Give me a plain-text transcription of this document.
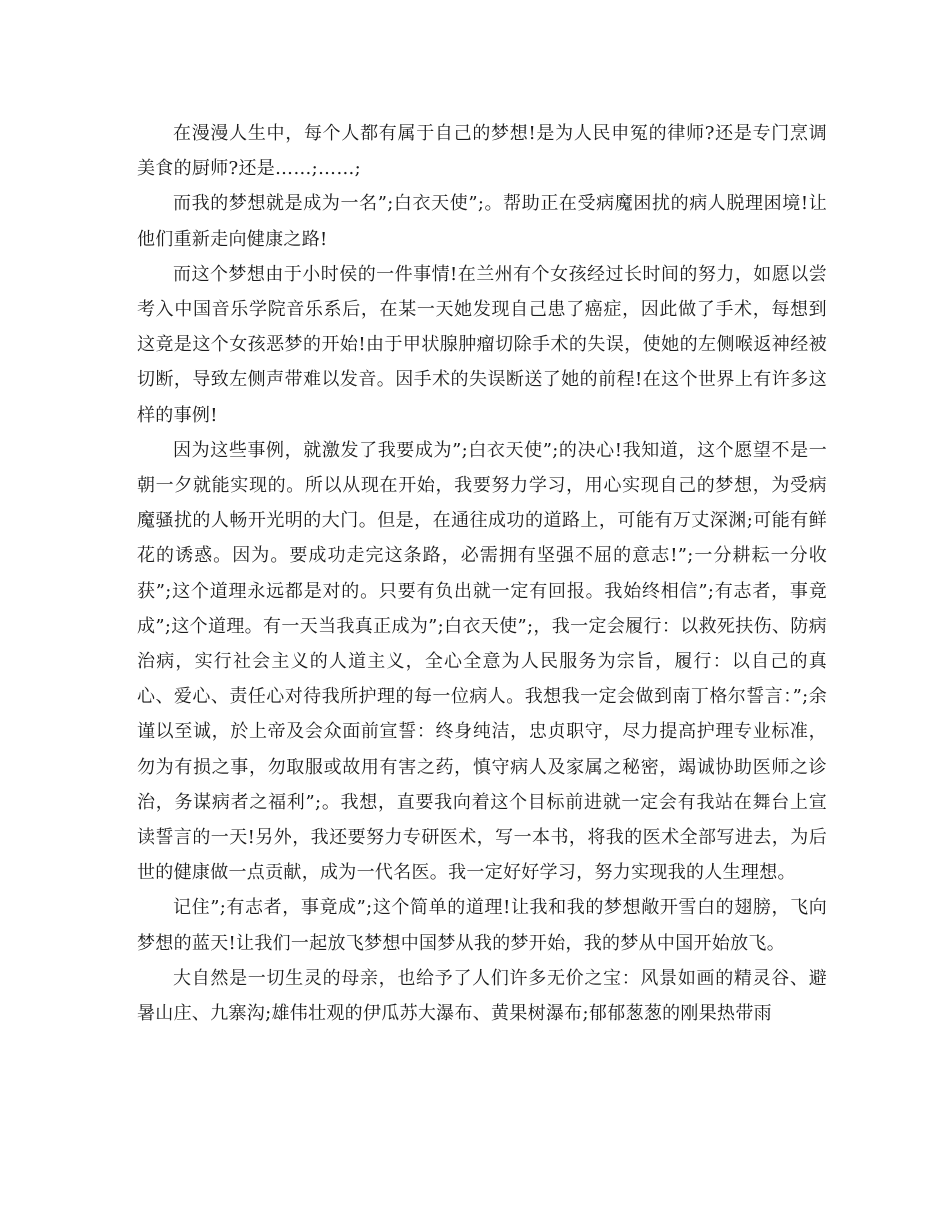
在漫漫人生中，每个人都有属于自己的梦想!是为人民申冤的律师?还是专门烹调美食的厨师?还是……;……;

而我的梦想就是成为一名”;白衣天使”;。帮助正在受病魔困扰的病人脱理困境!让他们重新走向健康之路!

而这个梦想由于小时侯的一件事情!在兰州有个女孩经过长时间的努力，如愿以尝考入中国音乐学院音乐系后，在某一天她发现自己患了癌症，因此做了手术，每想到这竟是这个女孩恶梦的开始!由于甲状腺肿瘤切除手术的失误，使她的左侧喉返神经被切断，导致左侧声带难以发音。因手术的失误断送了她的前程!在这个世界上有许多这样的事例!

因为这些事例，就激发了我要成为”;白衣天使”;的决心!我知道，这个愿望不是一朝一夕就能实现的。所以从现在开始，我要努力学习，用心实现自己的梦想，为受病魔骚扰的人畅开光明的大门。但是，在通往成功的道路上，可能有万丈深渊;可能有鲜花的诱惑。因为。要成功走完这条路，必需拥有坚强不屈的意志!”;一分耕耘一分收获”;这个道理永远都是对的。只要有负出就一定有回报。我始终相信”;有志者，事竟成”;这个道理。有一天当我真正成为”;白衣天使”;，我一定会履行：以救死扶伤、防病治病，实行社会主义的人道主义，全心全意为人民服务为宗旨，履行：以自己的真心、爱心、责任心对待我所护理的每一位病人。我想我一定会做到南丁格尔誓言：”;余谨以至诚，於上帝及会众面前宣誓：终身纯洁，忠贞职守，尽力提高护理专业标准，勿为有损之事，勿取服或故用有害之药，慎守病人及家属之秘密，竭诚协助医师之诊治，务谋病者之福利”;。我想，直要我向着这个目标前进就一定会有我站在舞台上宣读誓言的一天!另外，我还要努力专研医术，写一本书，将我的医术全部写进去，为后世的健康做一点贡献，成为一代名医。我一定好好学习，努力实现我的人生理想。

记住”;有志者，事竟成”;这个简单的道理!让我和我的梦想敞开雪白的翅膀，飞向梦想的蓝天!让我们一起放飞梦想中国梦从我的梦开始，我的梦从中国开始放飞。

大自然是一切生灵的母亲，也给予了人们许多无价之宝：风景如画的精灵谷、避暑山庄、九寨沟;雄伟壮观的伊瓜苏大瀑布、黄果树瀑布;郁郁葱葱的刚果热带雨
